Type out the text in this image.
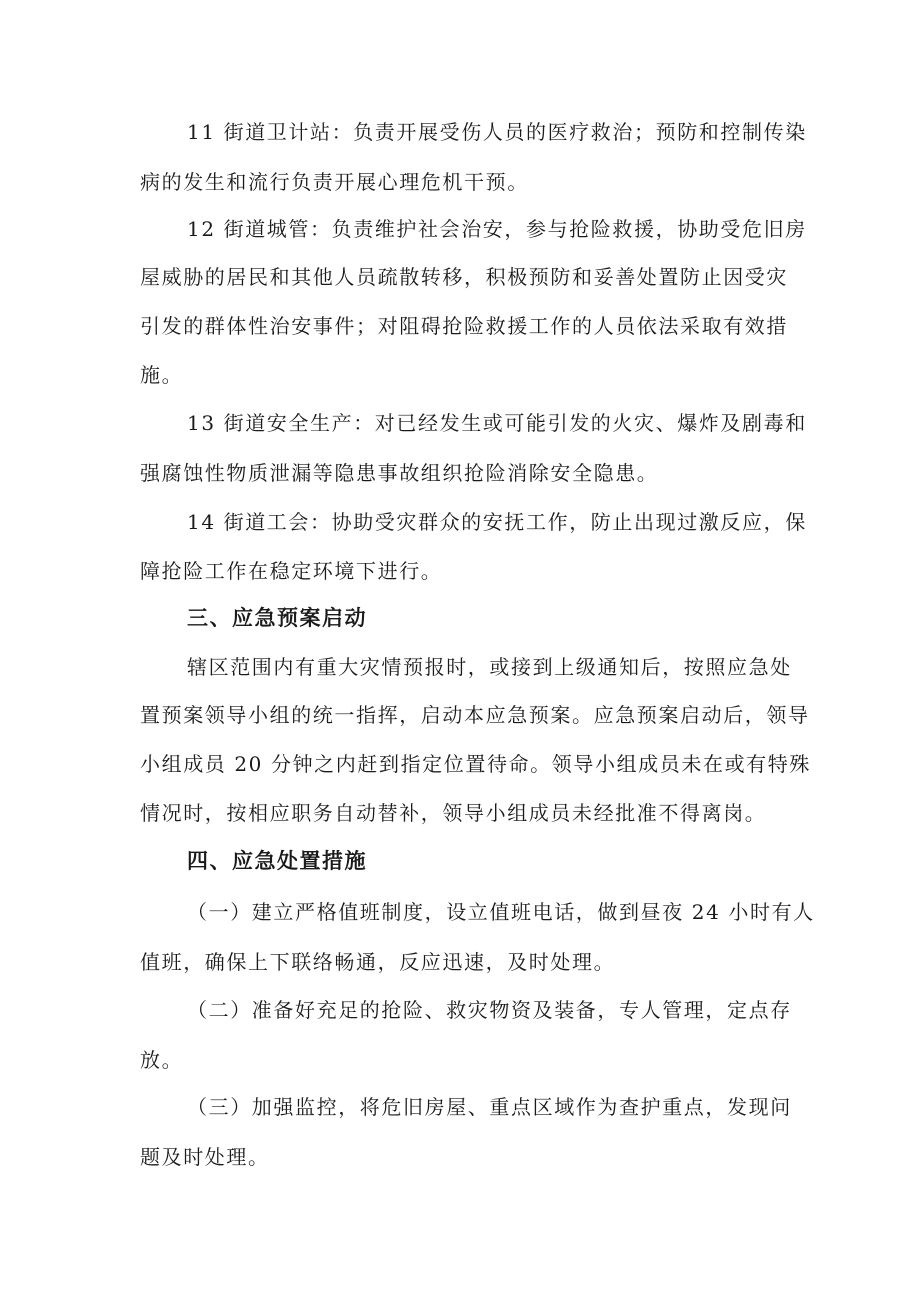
11 街道卫计站：负责开展受伤人员的医疗救治；预防和控制传染
病的发生和流行负责开展心理危机干预。
12 街道城管：负责维护社会治安，参与抢险救援，协助受危旧房
屋威胁的居民和其他人员疏散转移，积极预防和妥善处置防止因受灾
引发的群体性治安事件；对阻碍抢险救援工作的人员依法采取有效措
施。
13 街道安全生产：对已经发生或可能引发的火灾、爆炸及剧毒和
强腐蚀性物质泄漏等隐患事故组织抢险消除安全隐患。
14 街道工会：协助受灾群众的安抚工作，防止出现过激反应，保
障抢险工作在稳定环境下进行。
三、应急预案启动
辖区范围内有重大灾情预报时，或接到上级通知后，按照应急处
置预案领导小组的统一指挥，启动本应急预案。应急预案启动后，领导
小组成员 20 分钟之内赶到指定位置待命。领导小组成员未在或有特殊
情况时，按相应职务自动替补，领导小组成员未经批准不得离岗。
四、应急处置措施
（一）建立严格值班制度，设立值班电话，做到昼夜 24 小时有人
值班，确保上下联络畅通，反应迅速，及时处理。
（二）准备好充足的抢险、救灾物资及装备，专人管理，定点存
放。
（三）加强监控，将危旧房屋、重点区域作为查护重点，发现问
题及时处理。
